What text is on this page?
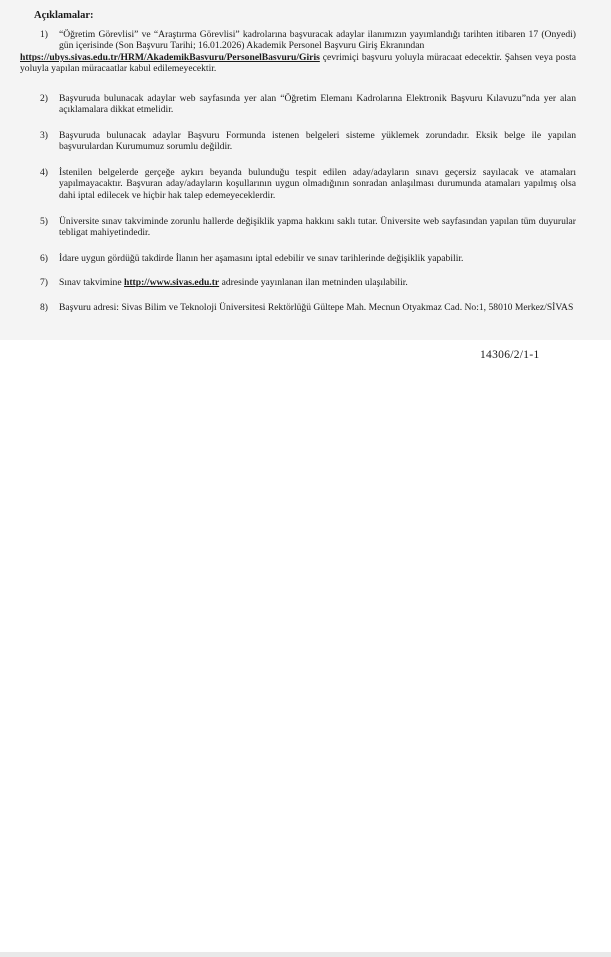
Açıklamalar:
1) “Öğretim Görevlisi” ve “Araştırma Görevlisi” kadrolarına başvuracak adaylar ilanımızın yayımlandığı tarihten itibaren 17 (Onyedi) gün içerisinde (Son Başvuru Tarihi; 16.01.2026) Akademik Personel Başvuru Giriş Ekranından
https://ubys.sivas.edu.tr/HRM/AkademikBasvuru/PersonelBasvuru/Giris çevrimiçi başvuru yoluyla müracaat edecektir. Şahsen veya posta yoluyla yapılan müracaatlar kabul edilemeyecektir.
2) Başvuruda bulunacak adaylar web sayfasında yer alan “Öğretim Elemanı Kadrolarına Elektronik Başvuru Kılavuzu”nda yer alan açıklamalara dikkat etmelidir.
3) Başvuruda bulunacak adaylar Başvuru Formunda istenen belgeleri sisteme yüklemek zorundadır. Eksik belge ile yapılan başvurulardan Kurumumuz sorumlu değildir.
4) İstenilen belgelerde gerçeğe aykırı beyanda bulunduğu tespit edilen aday/adayların sınavı geçersiz sayılacak ve atamaları yapılmayacaktır. Başvuran aday/adayların koşullarının uygun olmadığının sonradan anlaşılması durumunda atamaları yapılmış olsa dahi iptal edilecek ve hiçbir hak talep edemeyeceklerdir.
5) Üniversite sınav takviminde zorunlu hallerde değişiklik yapma hakkını saklı tutar. Üniversite web sayfasından yapılan tüm duyurular tebligat mahiyetindedir.
6) İdare uygun gördüğü takdirde İlanın her aşamasını iptal edebilir ve sınav tarihlerinde değişiklik yapabilir.
7) Sınav takvimine http://www.sivas.edu.tr adresinde yayınlanan ilan metninden ulaşılabilir.
8) Başvuru adresi: Sivas Bilim ve Teknoloji Üniversitesi Rektörlüğü Gültepe Mah. Mecnun Otyakmaz Cad. No:1, 58010 Merkez/SİVAS
14306/2/1-1
